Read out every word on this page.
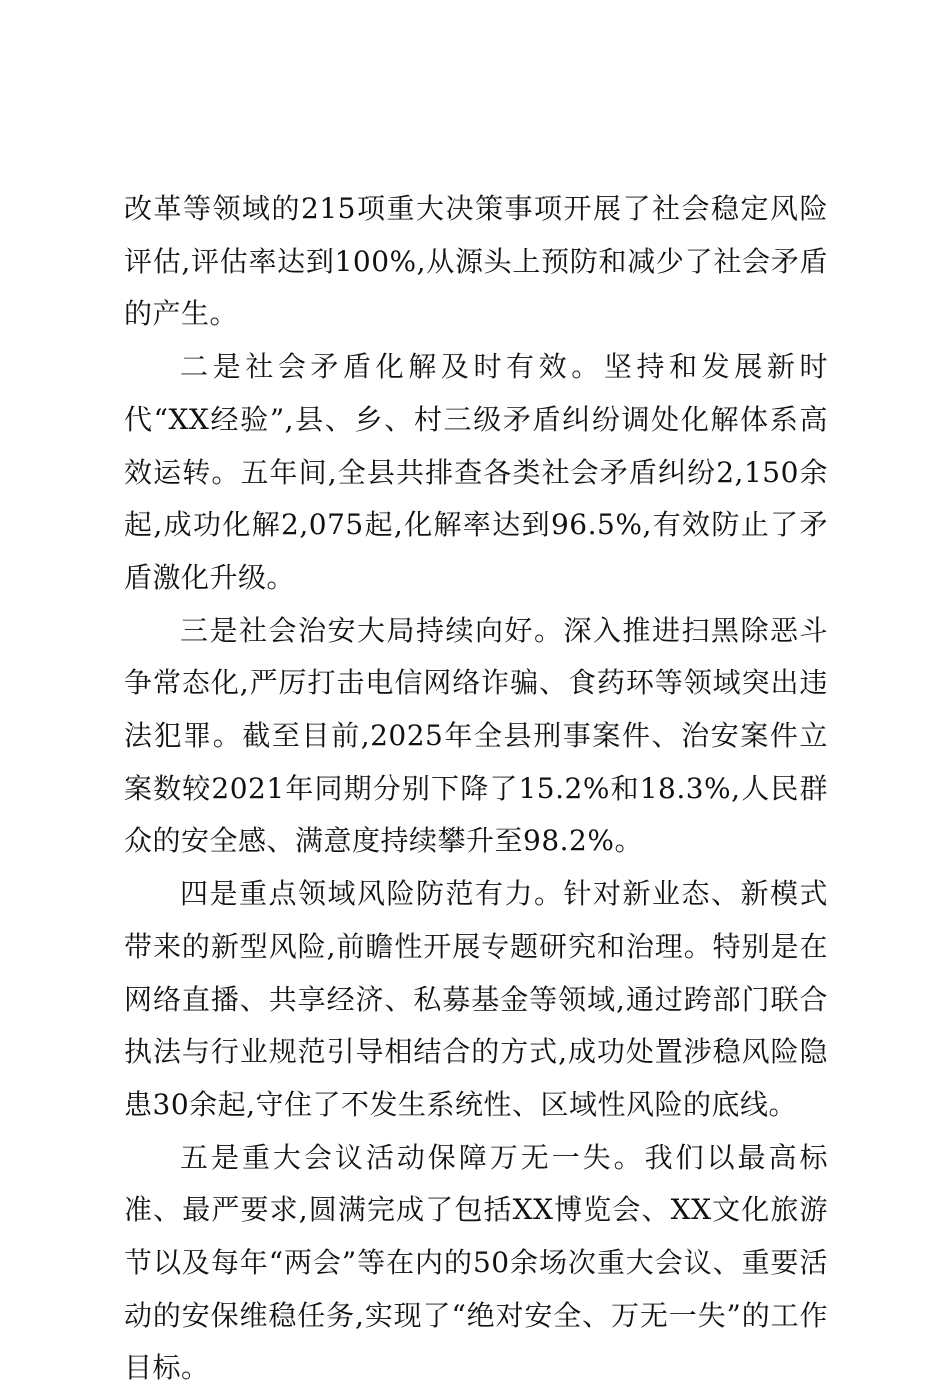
改革等领域的215项重大决策事项开展了社会稳定风险评估,评估率达到100%,从源头上预防和减少了社会矛盾的产生。

二是社会矛盾化解及时有效。坚持和发展新时代“XX经验”,县、乡、村三级矛盾纠纷调处化解体系高效运转。五年间,全县共排查各类社会矛盾纠纷2,150余起,成功化解2,075起,化解率达到96.5%,有效防止了矛盾激化升级。

三是社会治安大局持续向好。深入推进扫黑除恶斗争常态化,严厉打击电信网络诈骗、食药环等领域突出违法犯罪。截至目前,2025年全县刑事案件、治安案件立案数较2021年同期分别下降了15.2%和18.3%,人民群众的安全感、满意度持续攀升至98.2%。

四是重点领域风险防范有力。针对新业态、新模式带来的新型风险,前瞻性开展专题研究和治理。特别是在网络直播、共享经济、私募基金等领域,通过跨部门联合执法与行业规范引导相结合的方式,成功处置涉稳风险隐患30余起,守住了不发生系统性、区域性风险的底线。

五是重大会议活动保障万无一失。我们以最高标准、最严要求,圆满完成了包括XX博览会、XX文化旅游节以及每年“两会”等在内的50余场次重大会议、重要活动的安保维稳任务,实现了“绝对安全、万无一失”的工作目标。
